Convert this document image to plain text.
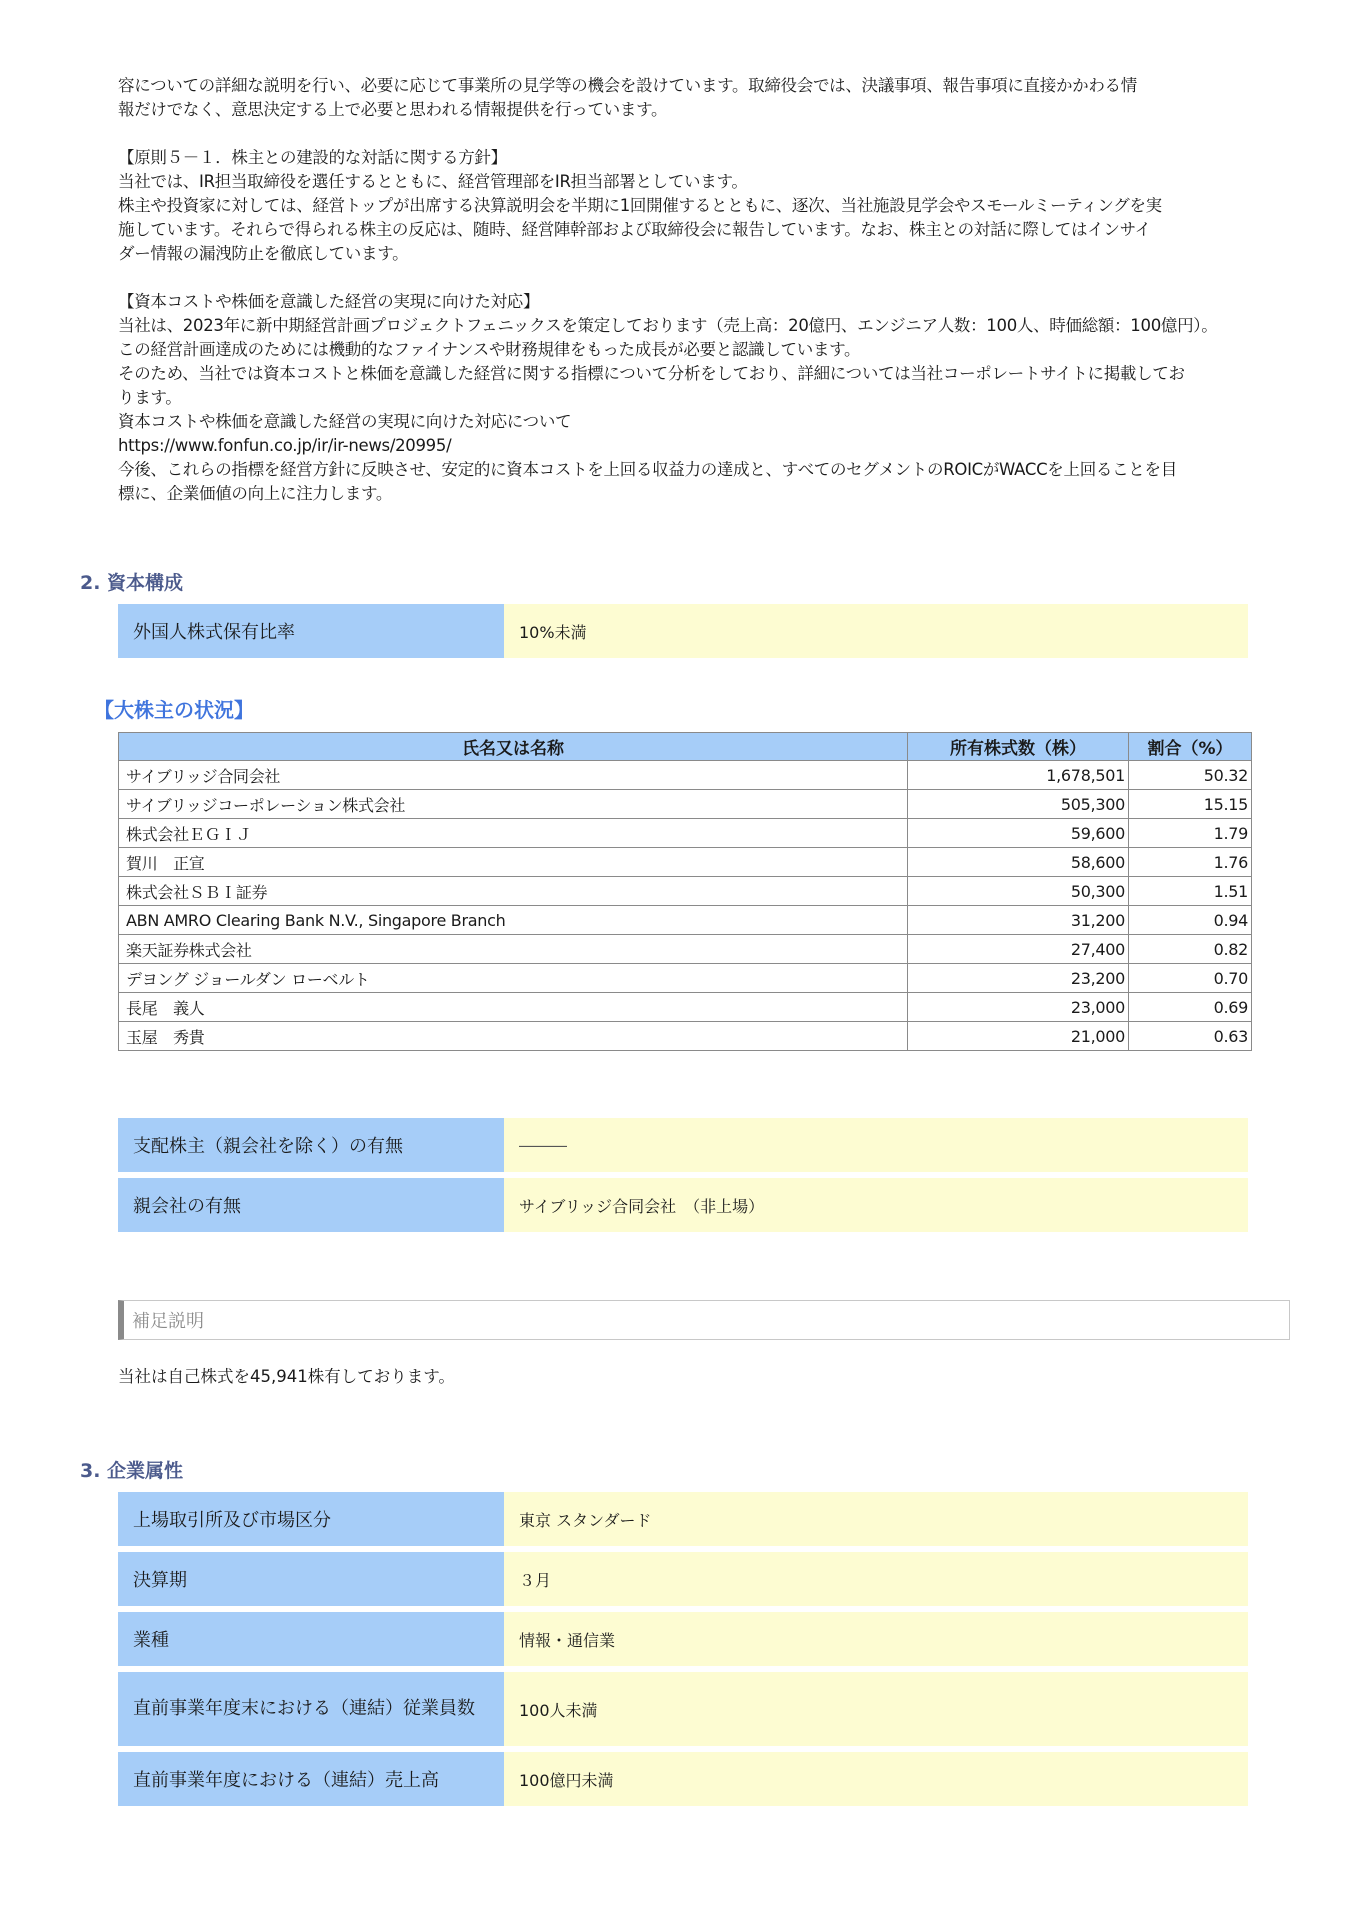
容についての詳細な説明を行い、必要に応じて事業所の見学等の機会を設けています。取締役会では、決議事項、報告事項に直接かかわる情

報だけでなく、意思決定する上で必要と思われる情報提供を行っています。

【原則５－１．株主との建設的な対話に関する方針】

当社では、IR担当取締役を選任するとともに、経営管理部をIR担当部署としています。

株主や投資家に対しては、経営トップが出席する決算説明会を半期に1回開催するとともに、逐次、当社施設見学会やスモールミーティングを実

施しています。それらで得られる株主の反応は、随時、経営陣幹部および取締役会に報告しています。なお、株主との対話に際してはインサイ

ダー情報の漏洩防止を徹底しています。

【資本コストや株価を意識した経営の実現に向けた対応】

当社は、2023年に新中期経営計画プロジェクトフェニックスを策定しております（売上高：20億円、エンジニア人数：100人、時価総額：100億円）。

この経営計画達成のためには機動的なファイナンスや財務規律をもった成長が必要と認識しています。

そのため、当社では資本コストと株価を意識した経営に関する指標について分析をしており、詳細については当社コーポレートサイトに掲載してお

ります。

資本コストや株価を意識した経営の実現に向けた対応について

https://www.fonfun.co.jp/ir/ir-news/20995/

今後、これらの指標を経営方針に反映させ、安定的に資本コストを上回る収益力の達成と、すべてのセグメントのROICがWACCを上回ることを目

標に、企業価値の向上に注力します。

2. 資本構成
外国人株式保有比率	10%未満
【大株主の状況】
氏名又は名称	所有株式数（株）	割合（%）
サイブリッジ合同会社	1,678,501	50.32
サイブリッジコーポレーション株式会社	505,300	15.15
株式会社ＥＧＩＪ	59,600	1.79
賀川　正宣	58,600	1.76
株式会社ＳＢＩ証券	50,300	1.51
ABN AMRO Clearing Bank N.V., Singapore Branch	31,200	0.94
楽天証券株式会社	27,400	0.82
デヨング ジョールダン ローベルト	23,200	0.70
長尾　義人	23,000	0.69
玉屋　秀貴	21,000	0.63
支配株主（親会社を除く）の有無	―――
親会社の有無	サイブリッジ合同会社　（非上場）
補足説明

当社は自己株式を45,941株有しております。

3. 企業属性
上場取引所及び市場区分	東京 スタンダード
決算期	３月
業種	情報・通信業
直前事業年度末における（連結）従業員数	100人未満
直前事業年度における（連結）売上高	100億円未満
